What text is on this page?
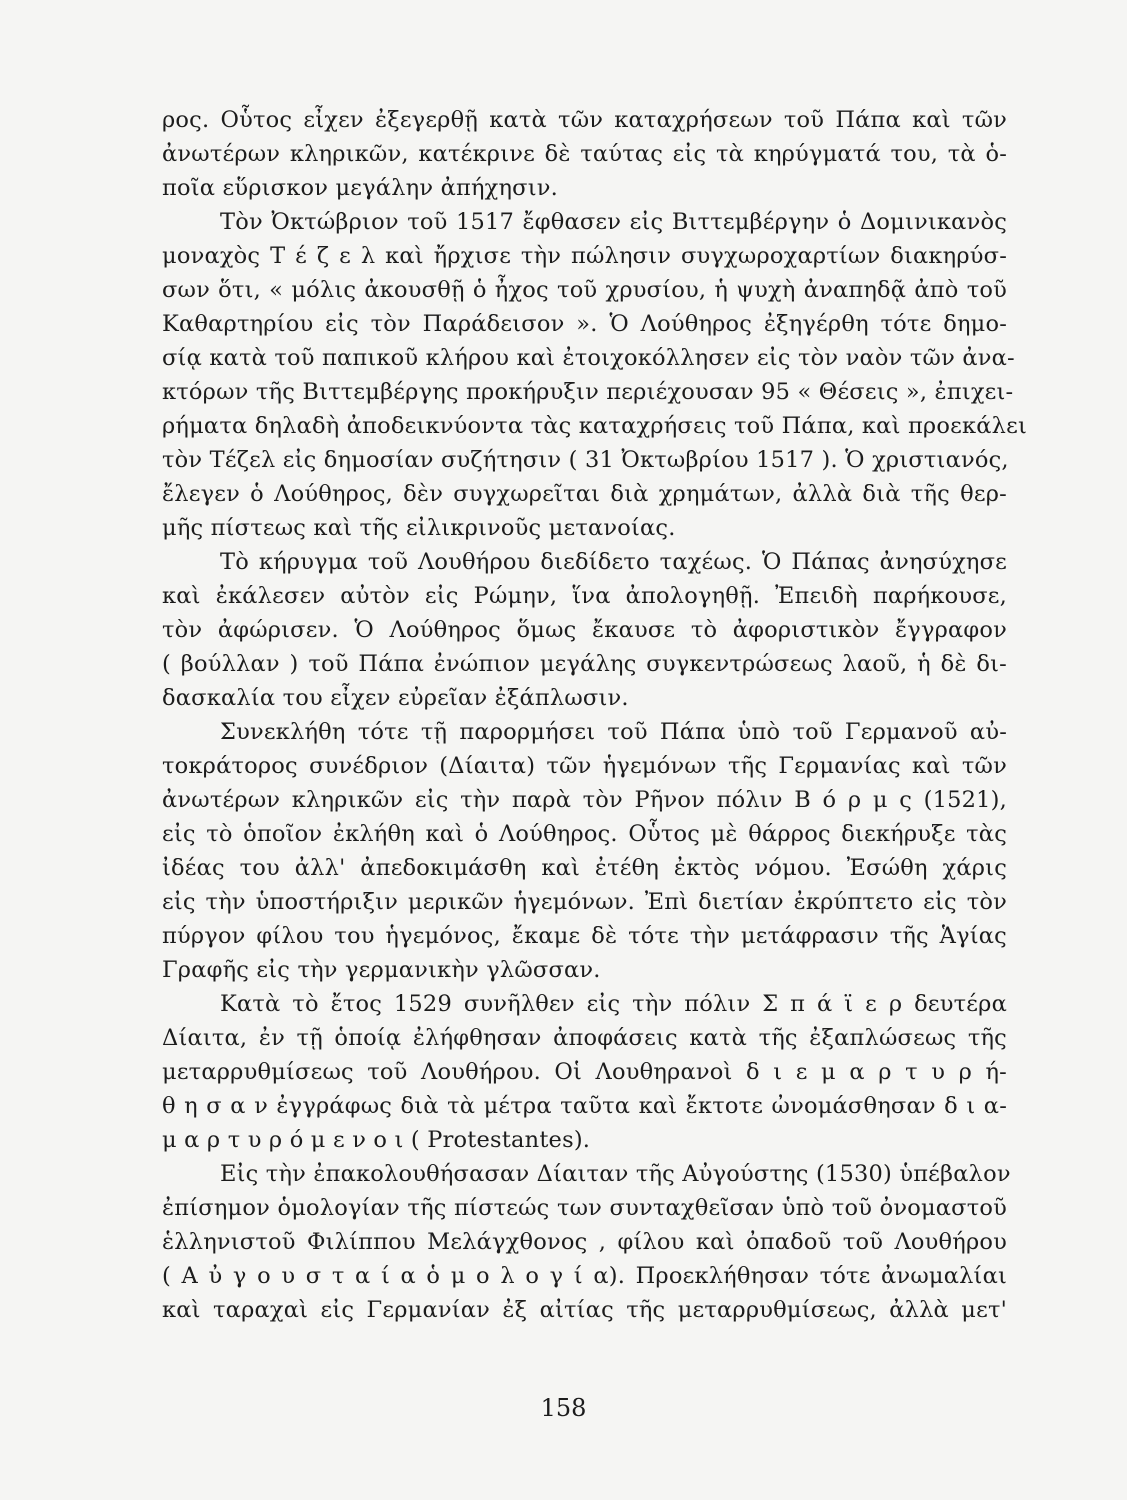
ρος. Οὗτος εἶχεν ἐξεγερθῇ κατὰ τῶν καταχρήσεων τοῦ Πάπα καὶ τῶν
ἀνωτέρων κληρικῶν, κατέκρινε δὲ ταύτας εἰς τὰ κηρύγματά του, τὰ ὁ-
ποῖα εὕρισκον μεγάλην ἀπήχησιν.
Τὸν Ὀκτώβριον τοῦ 1517 ἔφθασεν εἰς Βιττεμβέργην ὁ Δομινικανὸς
μοναχὸς Τ έ ζ ε λ καὶ ἤρχισε τὴν πώλησιν συγχωροχαρτίων διακηρύσ-
σων ὅτι, « μόλις ἀκουσθῇ ὁ ἦχος τοῦ χρυσίου, ἡ ψυχὴ ἀναπηδᾷ ἀπὸ τοῦ
Καθαρτηρίου εἰς τὸν Παράδεισον ». Ὁ Λούθηρος ἐξηγέρθη τότε δημο-
σίᾳ κατὰ τοῦ παπικοῦ κλήρου καὶ ἐτοιχοκόλλησεν εἰς τὸν ναὸν τῶν ἀνα-
κτόρων τῆς Βιττεμβέργης προκήρυξιν περιέχουσαν 95 « Θέσεις », ἐπιχει-
ρήματα δηλαδὴ ἀποδεικνύοντα τὰς καταχρήσεις τοῦ Πάπα, καὶ προεκάλει
τὸν Τέζελ εἰς δημοσίαν συζήτησιν ( 31 Ὀκτωβρίου 1517 ). Ὁ χριστιανός,
ἔλεγεν ὁ Λούθηρος, δὲν συγχωρεῖται διὰ χρημάτων, ἀλλὰ διὰ τῆς θερ-
μῆς πίστεως καὶ τῆς εἰλικρινοῦς μετανοίας.
Τὸ κήρυγμα τοῦ Λουθήρου διεδίδετο ταχέως. Ὁ Πάπας ἀνησύχησε
καὶ ἐκάλεσεν αὐτὸν εἰς Ρώμην, ἵνα ἀπολογηθῇ. Ἐπειδὴ παρήκουσε,
τὸν ἀφώρισεν. Ὁ Λούθηρος ὅμως ἔκαυσε τὸ ἀφοριστικὸν ἔγγραφον
( βούλλαν ) τοῦ Πάπα ἐνώπιον μεγάλης συγκεντρώσεως λαοῦ, ἡ δὲ δι-
δασκαλία του εἶχεν εὐρεῖαν ἐξάπλωσιν.
Συνεκλήθη τότε τῇ παρορμήσει τοῦ Πάπα ὑπὸ τοῦ Γερμανοῦ αὐ-
τοκράτορος συνέδριον (Δίαιτα) τῶν ἡγεμόνων τῆς Γερμανίας καὶ τῶν
ἀνωτέρων κληρικῶν εἰς τὴν παρὰ τὸν Ρῆνον πόλιν Β ό ρ μ ς (1521),
εἰς τὸ ὁποῖον ἐκλήθη καὶ ὁ Λούθηρος. Οὗτος μὲ θάρρος διεκήρυξε τὰς
ἰδέας του ἀλλ' ἀπεδοκιμάσθη καὶ ἐτέθη ἐκτὸς νόμου. Ἐσώθη χάρις
εἰς τὴν ὑποστήριξιν μερικῶν ἡγεμόνων. Ἐπὶ διετίαν ἐκρύπτετο εἰς τὸν
πύργον φίλου του ἡγεμόνος, ἔκαμε δὲ τότε τὴν μετάφρασιν τῆς Ἁγίας
Γραφῆς εἰς τὴν γερμανικὴν γλῶσσαν.
Κατὰ τὸ ἔτος 1529 συνῆλθεν εἰς τὴν πόλιν Σ π ά ϊ ε ρ δευτέρα
Δίαιτα, ἐν τῇ ὁποίᾳ ἐλήφθησαν ἀποφάσεις κατὰ τῆς ἐξαπλώσεως τῆς
μεταρρυθμίσεως τοῦ Λουθήρου. Οἱ Λουθηρανοὶ δ ι ε μ α ρ τ υ ρ ή-
θ η σ α ν ἐγγράφως διὰ τὰ μέτρα ταῦτα καὶ ἔκτοτε ὠνομάσθησαν δ ι α-
μ α ρ τ υ ρ ό μ ε ν ο ι ( Protestantes).
Εἰς τὴν ἐπακολουθήσασαν Δίαιταν τῆς Αὐγούστης (1530) ὑπέβαλον
ἐπίσημον ὁμολογίαν τῆς πίστεώς των συνταχθεῖσαν ὑπὸ τοῦ ὀνομαστοῦ
ἑλληνιστοῦ Φιλίππου Μελάγχθονος , φίλου καὶ ὀπαδοῦ τοῦ Λουθήρου
( Α ὐ γ ο υ σ τ α ί α ὁ μ ο λ ο γ ί α). Προεκλήθησαν τότε ἀνωμαλίαι
καὶ ταραχαὶ εἰς Γερμανίαν ἐξ αἰτίας τῆς μεταρρυθμίσεως, ἀλλὰ μετ'
158
